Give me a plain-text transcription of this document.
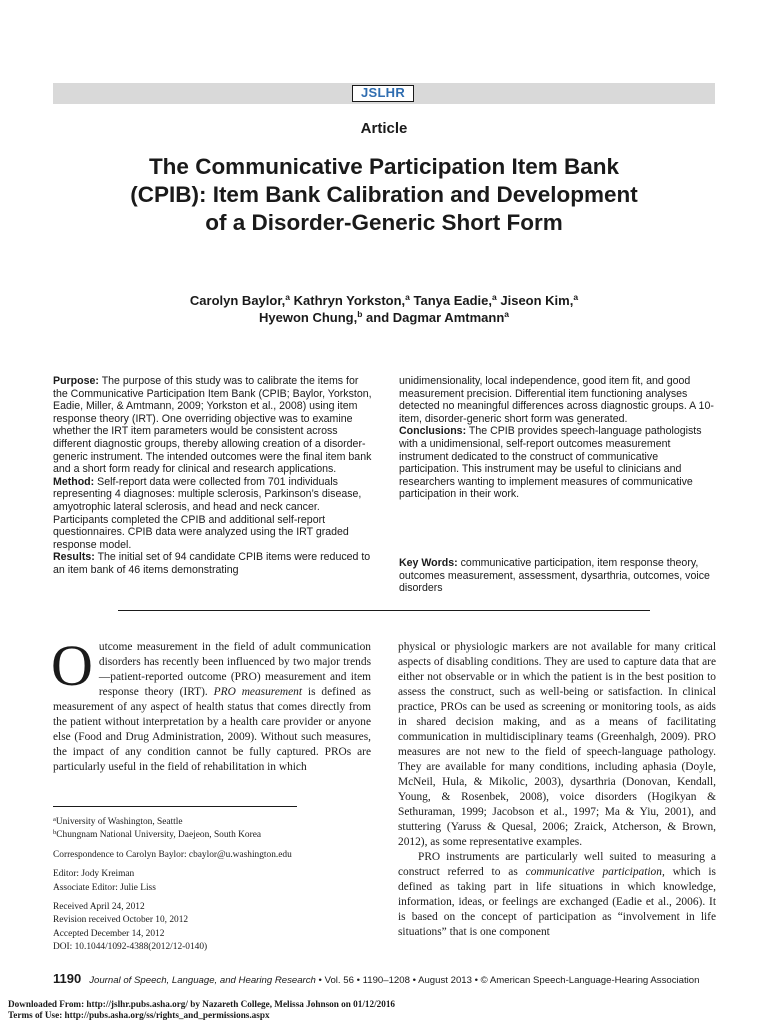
JSLHR
Article
The Communicative Participation Item Bank (CPIB): Item Bank Calibration and Development of a Disorder-Generic Short Form
Carolyn Baylor,$^a$ Kathryn Yorkston,$^a$ Tanya Eadie,$^a$ Jiseon Kim,$^a$
Hyewon Chung,$^b$ and Dagmar Amtmann$^a$

Purpose: The purpose of this study was to calibrate the items for the Communicative Participation Item Bank (CPIB; Baylor, Yorkston, Eadie, Miller, & Amtmann, 2009; Yorkston et al., 2008) using item response theory (IRT). One overriding objective was to examine whether the IRT item parameters would be consistent across different diagnostic groups, thereby allowing creation of a disorder-generic instrument. The intended outcomes were the final item bank and a short form ready for clinical and research applications.

Method: Self-report data were collected from 701 individuals representing 4 diagnoses: multiple sclerosis, Parkinson’s disease, amyotrophic lateral sclerosis, and head and neck cancer. Participants completed the CPIB and additional self-report questionnaires. CPIB data were analyzed using the IRT graded response model.

Results: The initial set of 94 candidate CPIB items were reduced to an item bank of 46 items demonstrating

unidimensionality, local independence, good item fit, and good measurement precision. Differential item functioning analyses detected no meaningful differences across diagnostic groups. A 10-item, disorder-generic short form was generated.

Conclusions: The CPIB provides speech-language pathologists with a unidimensional, self-report outcomes measurement instrument dedicated to the construct of communicative participation. This instrument may be useful to clinicians and researchers wanting to implement measures of communicative participation in their work.

Key Words: communicative participation, item response theory, outcomes measurement, assessment, dysarthria, outcomes, voice disorders

Outcome measurement in the field of adult communication disorders has recently been influenced by two major trends—patient-reported outcome (PRO) measurement and item response theory (IRT). PRO measurement is defined as measurement of any aspect of health status that comes directly from the patient without interpretation by a health care provider or anyone else (Food and Drug Administration, 2009). Without such measures, the impact of any condition cannot be fully captured. PROs are particularly useful in the field of rehabilitation in which

$^a$University of Washington, Seattle
$^b$Chungnam National University, Daejeon, South Korea
Correspondence to Carolyn Baylor: cbaylor@u.washington.edu
Editor: Jody Kreiman
Associate Editor: Julie Liss
Received April 24, 2012
Revision received October 10, 2012
Accepted December 14, 2012
DOI: 10.1044/1092-4388(2012/12-0140)

physical or physiologic markers are not available for many critical aspects of disabling conditions. They are used to capture data that are either not observable or in which the patient is in the best position to assess the construct, such as well-being or satisfaction. In clinical practice, PROs can be used as screening or monitoring tools, as aids in shared decision making, and as a means of facilitating communication in multidisciplinary teams (Greenhalgh, 2009). PRO measures are not new to the field of speech-language pathology. They are available for many conditions, including aphasia (Doyle, McNeil, Hula, & Mikolic, 2003), dysarthria (Donovan, Kendall, Young, & Rosenbek, 2008), voice disorders (Hogikyan & Sethuraman, 1999; Jacobson et al., 1997; Ma & Yiu, 2001), and stuttering (Yaruss & Quesal, 2006; Zraick, Atcherson, & Brown, 2012), as some representative examples.

PRO instruments are particularly well suited to measuring a construct referred to as communicative participation, which is defined as taking part in life situations in which knowledge, information, ideas, or feelings are exchanged (Eadie et al., 2006). It is based on the concept of participation as “involvement in life situations” that is one component

1190 Journal of Speech, Language, and Hearing Research • Vol. 56 • 1190–1208 • August 2013 • © American Speech-Language-Hearing Association
Downloaded From: http://jslhr.pubs.asha.org/ by Nazareth College, Melissa Johnson on 01/12/2016
Terms of Use: http://pubs.asha.org/ss/rights_and_permissions.aspx
